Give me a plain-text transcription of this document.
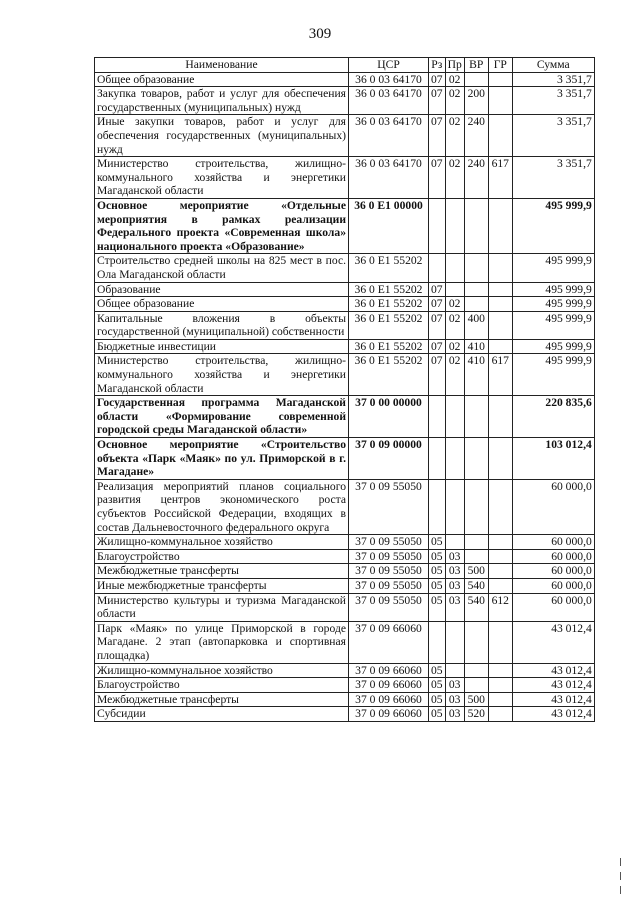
309
Наименование	ЦСР	Рз	Пр	ВР	ГР	Сумма
Общее образование	36 0 03 64170	07	02			3 351,7
Закупка товаров, работ и услуг для обеспечения государственных (муниципальных) нужд	36 0 03 64170	07	02	200		3 351,7
Иные закупки товаров, работ и услуг для обеспечения государственных (муниципальных) нужд	36 0 03 64170	07	02	240		3 351,7
Министерство строительства, жилищно-коммунального хозяйства и энергетики Магаданской области	36 0 03 64170	07	02	240	617	3 351,7
Основное мероприятие «Отдельные мероприятия в рамках реализации Федерального проекта «Современная школа» национального проекта «Образование»	36 0 E1 00000					495 999,9
Строительство средней школы на 825 мест в пос. Ола Магаданской области	36 0 E1 55202					495 999,9
Образование	36 0 E1 55202	07				495 999,9
Общее образование	36 0 E1 55202	07	02			495 999,9
Капитальные вложения в объекты государственной (муниципальной) собственности	36 0 E1 55202	07	02	400		495 999,9
Бюджетные инвестиции	36 0 E1 55202	07	02	410		495 999,9
Министерство строительства, жилищно-коммунального хозяйства и энергетики Магаданской области	36 0 E1 55202	07	02	410	617	495 999,9
Государственная программа Магаданской области «Формирование современной городской среды Магаданской области»	37 0 00 00000					220 835,6
Основное мероприятие «Строительство объекта «Парк «Маяк» по ул. Приморской в г. Магадане»	37 0 09 00000					103 012,4
Реализация мероприятий планов социального развития центров экономического роста субъектов Российской Федерации, входящих в состав Дальневосточного федерального округа	37 0 09 55050					60 000,0
Жилищно-коммунальное хозяйство	37 0 09 55050	05				60 000,0
Благоустройство	37 0 09 55050	05	03			60 000,0
Межбюджетные трансферты	37 0 09 55050	05	03	500		60 000,0
Иные межбюджетные трансферты	37 0 09 55050	05	03	540		60 000,0
Министерство культуры и туризма Магаданской области	37 0 09 55050	05	03	540	612	60 000,0
Парк «Маяк» по улице Приморской в городе Магадане. 2 этап (автопарковка и спортивная площадка)	37 0 09 66060					43 012,4
Жилищно-коммунальное хозяйство	37 0 09 66060	05				43 012,4
Благоустройство	37 0 09 66060	05	03			43 012,4
Межбюджетные трансферты	37 0 09 66060	05	03	500		43 012,4
Субсидии	37 0 09 66060	05	03	520		43 012,4
